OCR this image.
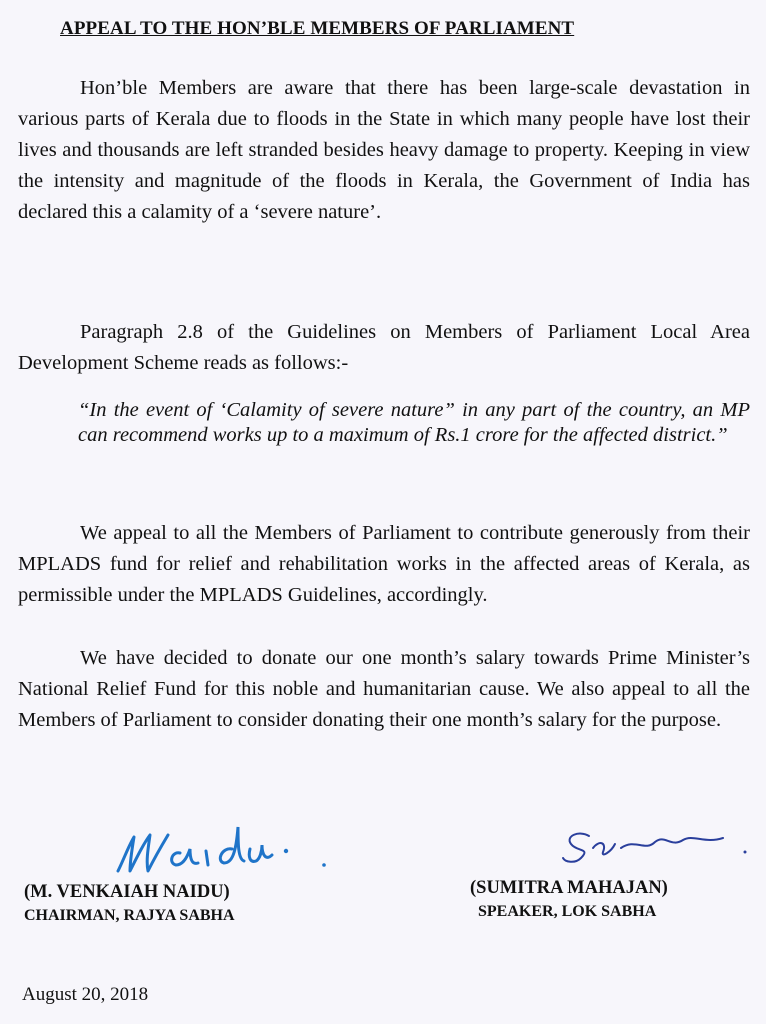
APPEAL TO THE HON’BLE MEMBERS OF PARLIAMENT

Hon’ble Members are aware that there has been large-scale devastation in various parts of Kerala due to floods in the State in which many people have lost their lives and thousands are left stranded besides heavy damage to property. Keeping in view the intensity and magnitude of the floods in Kerala, the Government of India has declared this a calamity of a ‘severe nature’.

Paragraph 2.8 of the Guidelines on Members of Parliament Local Area Development Scheme reads as follows:-

“In the event of ‘Calamity of severe nature” in any part of the country, an MP can recommend works up to a maximum of Rs.1 crore for the affected district.”

We appeal to all the Members of Parliament to contribute generously from their MPLADS fund for relief and rehabilitation works in the affected areas of Kerala, as permissible under the MPLADS Guidelines, accordingly.

We have decided to donate our one month’s salary towards Prime Minister’s National Relief Fund for this noble and humanitarian cause. We also appeal to all the Members of Parliament to consider donating their one month’s salary for the purpose.

(M. VENKAIAH NAIDU)
CHAIRMAN, RAJYA SABHA
(SUMITRA MAHAJAN)
SPEAKER, LOK SABHA
August 20, 2018
